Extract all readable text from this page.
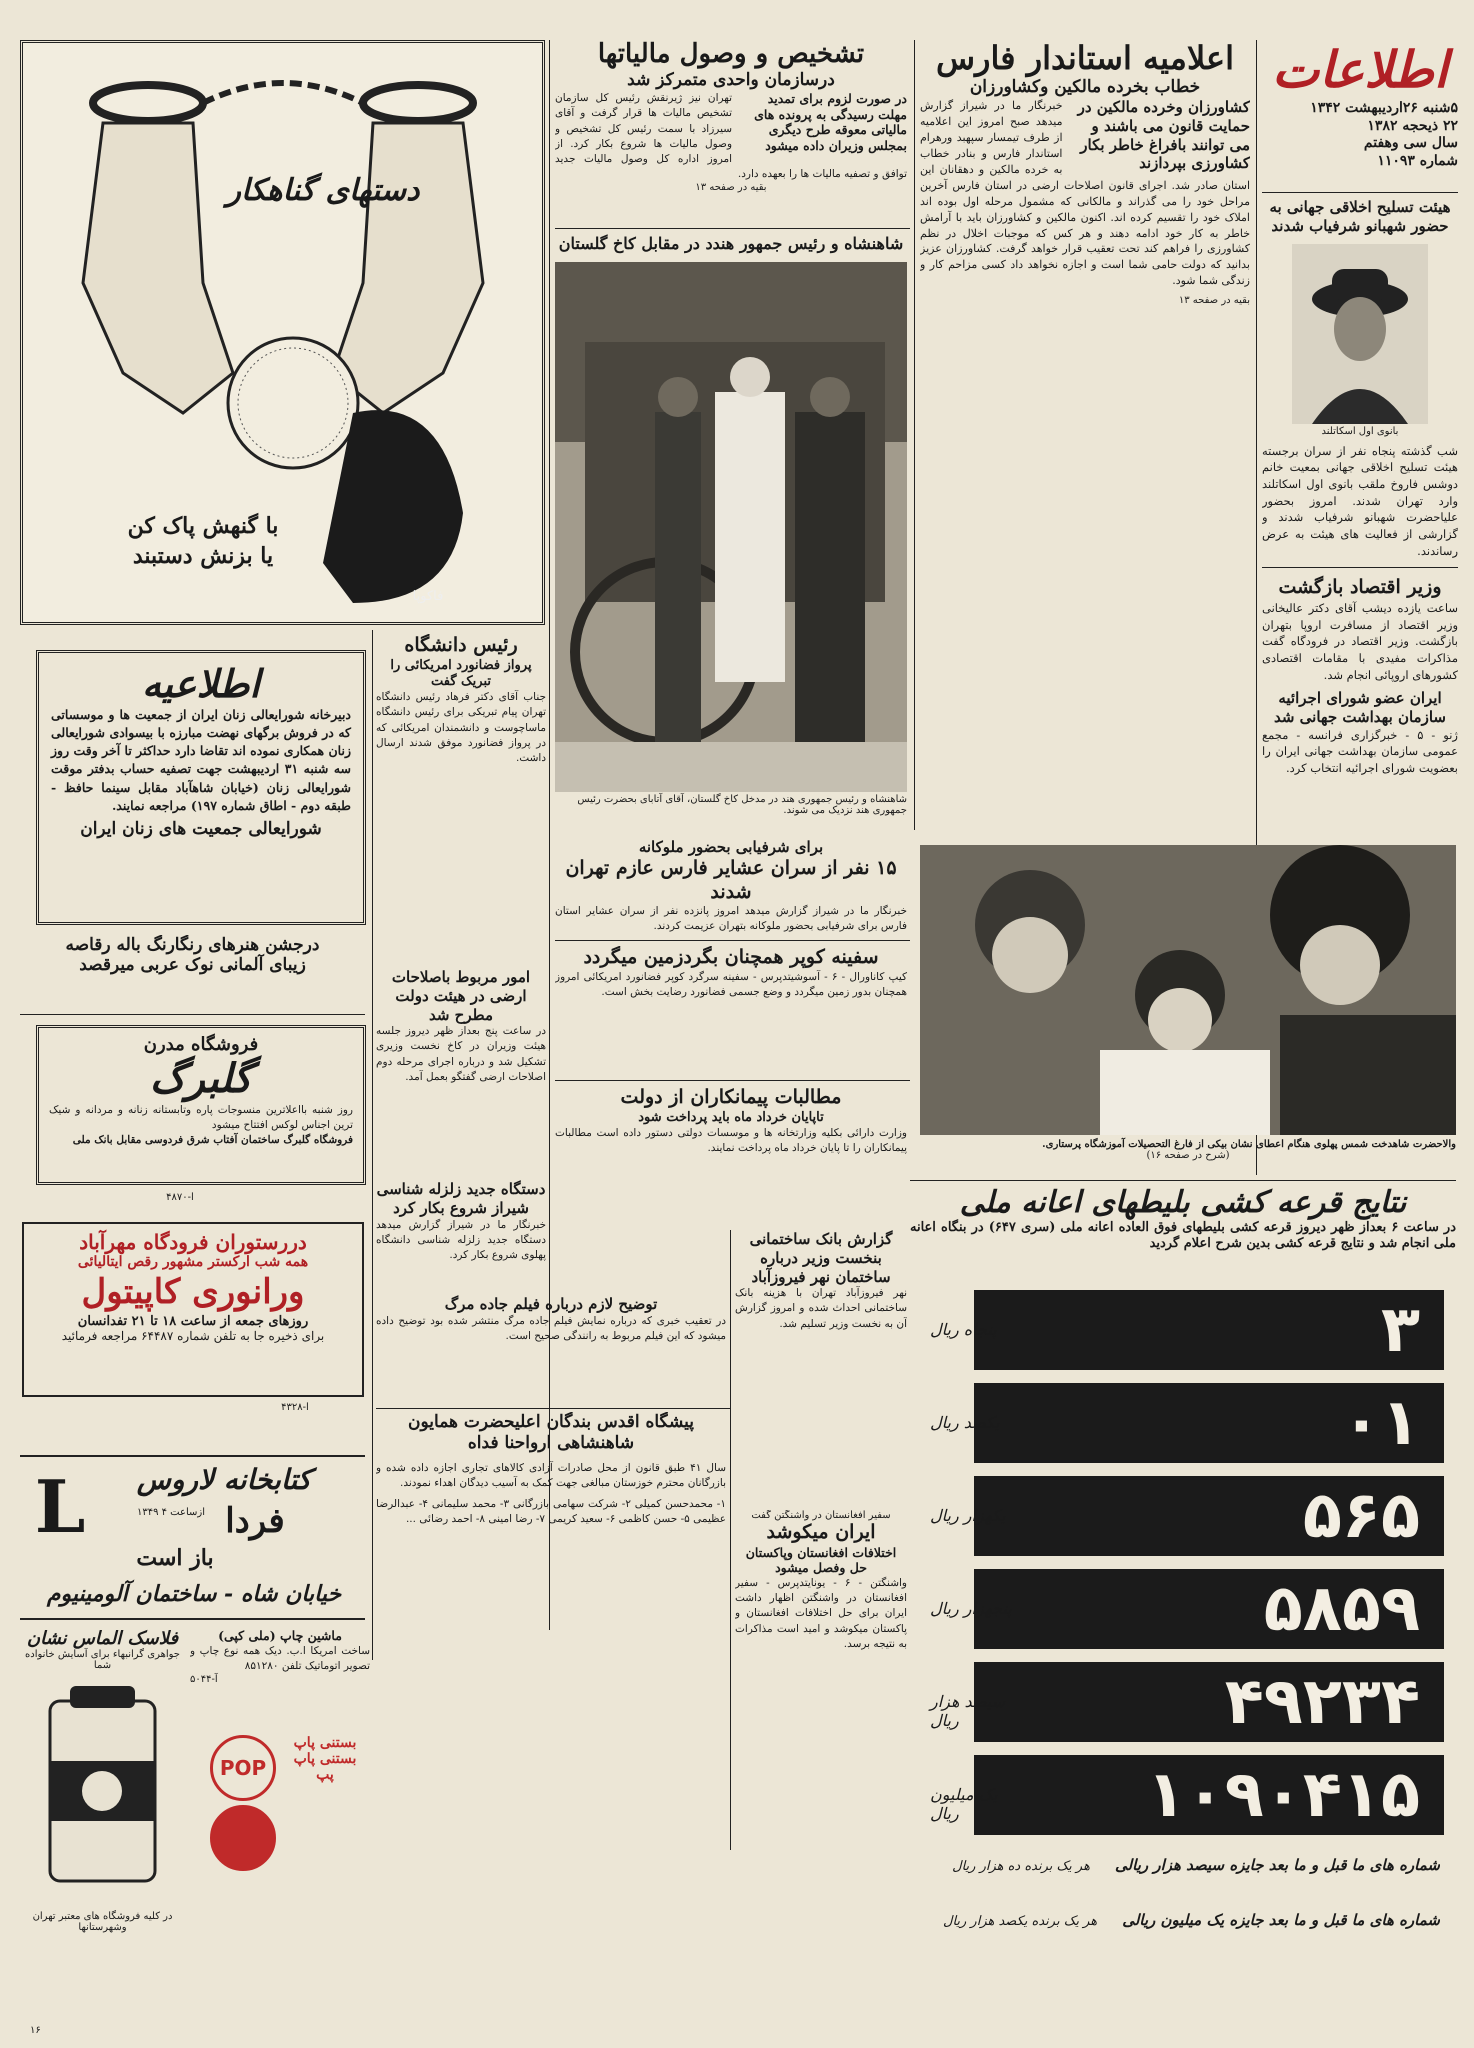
اطلاعات
۵شنبه ۲۶اردیبهشت ۱۳۴۲
۲۲ ذیحجه ۱۳۸۲
سال سی وهفتم
شماره ۱۱۰۹۳
هیئت تسلیح اخلاقی جهانی به حضور شهبانو شرفیاب شدند
بانوی اول اسکاتلند
شب گذشته پنجاه نفر از سران برجسته هیئت تسلیح اخلاقی جهانی بمعیت خانم دوشس فاروخ ملقب بانوی اول اسکاتلند وارد تهران شدند. امروز بحضور علیاحضرت شهبانو شرفیاب شدند و گزارشی از فعالیت های هیئت به عرض رساندند.
وزیر اقتصاد بازگشت
ساعت یازده دیشب آقای دکتر عالیخانی وزیر اقتصاد از مسافرت اروپا بتهران بازگشت. وزیر اقتصاد در فرودگاه گفت مذاکرات مفیدی با مقامات اقتصادی کشورهای اروپائی انجام شد.
ایران عضو شورای اجرائیه سازمان بهداشت جهانی شد
ژنو - ۵ - خبرگزاری فرانسه - مجمع عمومی سازمان بهداشت جهانی ایران را بعضویت شورای اجرائیه انتخاب کرد.
اعلامیه استاندار فارس
خطاب بخرده مالکین وکشاورزان
کشاورزان وخرده مالکین در حمایت قانون می باشند و می توانند بافراغ خاطر بکار کشاورزی بپردازند
خبرنگار ما در شیراز گزارش میدهد صبح امروز این اعلامیه از طرف تیمسار سپهبد ورهرام استاندار فارس و بنادر خطاب به خرده مالکین و دهقانان این استان صادر شد. اجرای قانون اصلاحات ارضی در استان فارس آخرین مراحل خود را می گذراند و مالکانی که مشمول مرحله اول بوده اند املاک خود را تقسیم کرده اند. اکنون مالکین و کشاورزان باید با آرامش خاطر به کار خود ادامه دهند و هر کس که موجبات اخلال در نظم کشاورزی را فراهم کند تحت تعقیب قرار خواهد گرفت. کشاورزان عزیز بدانید که دولت حامی شما است و اجازه نخواهد داد کسی مزاحم کار و زندگی شما شود.
بقیه در صفحه ۱۳
تشخیص و وصول مالیاتها
درسازمان واحدی متمرکز شد
در صورت لزوم برای تمدید مهلت رسیدگی به پرونده های مالیاتی معوقه طرح دیگری بمجلس وزیران داده میشود
تهران نیز ژیرنقش رئیس کل سازمان تشخیص مالیات ها قرار گرفت و آقای سیرزاد با سمت رئیس کل تشخیص و وصول مالیات ها شروع بکار کرد. از امروز اداره کل وصول مالیات جدید توافق و تصفیه مالیات ها را بعهده دارد.
بقیه در صفحه ۱۳
شاهنشاه و رئیس جمهور هندد در مقابل کاخ گلستان
شاهنشاه و رئیس جمهوری هند در مدخل کاخ گلستان، آقای آتابای بحضرت رئیس جمهوری هند نزدیک می شوند.
دستهای گناهکار
با گنهش پاک کن
یا بزنش دستبند
فاکوپا
اطلاعیه
دبیرخانه شورایعالی زنان ایران از جمعیت ها و موسساتی که در فروش برگهای نهضت مبارزه با بیسوادی شورایعالی زنان همکاری نموده اند تقاضا دارد حداکثر تا آخر وقت روز سه شنبه ۳۱ اردیبهشت جهت تصفیه حساب بدفتر موقت شورایعالی زنان (خیابان شاهآباد مقابل سینما حافظ - طبقه دوم - اطاق شماره ۱۹۷) مراجعه نمایند.
شورایعالی جمعیت های زنان ایران
رئیس دانشگاه
پرواز فضانورد امریکائی را تبریک گفت
جناب آقای دکتر فرهاد رئیس دانشگاه تهران پیام تبریکی برای رئیس دانشگاه ماساچوست و دانشمندان امریکائی که در پرواز فضانورد موفق شدند ارسال داشت.
برای شرفیابی بحضور ملوکانه
۱۵ نفر از سران عشایر فارس عازم تهران شدند
خبرنگار ما در شیراز گزارش میدهد امروز پانزده نفر از سران عشایر استان فارس برای شرفیابی بحضور ملوکانه بتهران عزیمت کردند.
امور مربوط باصلاحات ارضی در هیئت دولت مطرح شد
در ساعت پنج بعداز ظهر دیروز جلسه هیئت وزیران در کاخ نخست وزیری تشکیل شد و درباره اجرای مرحله دوم اصلاحات ارضی گفتگو بعمل آمد.
سفینه کوپر همچنان بگردزمین میگردد
کیپ کاناورال - ۶ - آسوشیتدپرس - سفینه سرگرد کوپر فضانورد امریکائی امروز همچنان بدور زمین میگردد و وضع جسمی فضانورد رضایت بخش است.
مطالبات پیمانکاران از دولت
تاپایان خرداد ماه باید پرداخت شود
وزارت دارائی بکلیه وزارتخانه ها و موسسات دولتی دستور داده است مطالبات پیمانکاران را تا پایان خرداد ماه پرداخت نمایند.
دستگاه جدید زلزله شناسی شیراز شروع بکار کرد
خبرنگار ما در شیراز گزارش میدهد دستگاه جدید زلزله شناسی دانشگاه پهلوی شروع بکار کرد.
درجشن هنرهای رنگارنگ باله رقاصه
زیبای آلمانی نوک عربی میرقصد
فروشگاه مدرن
گلبرگ
روز شنبه بااعلاترین منسوجات پاره وتابستانه زنانه و مردانه و شیک ترین اجناس لوکس افتتاح میشود
فروشگاه گلبرگ ساختمان آفتاب شرق فردوسی مقابل بانک ملی
آ-۴۸۷۰
دررستوران فرودگاه مهرآباد
همه شب ارکستر مشهور رقص ایتالیائی
ورانوری کاپیتول
روزهای جمعه از ساعت ۱۸ تا ۲۱ تفدانسان
برای ذخیره جا به تلفن شماره ۶۴۴۸۷ مراجعه فرمائید
آ-۴۳۲۸
گزارش بانک ساختمانی بنخست وزیر درباره ساختمان نهر فیروزآباد
نهر فیروزآباد تهران با هزینه بانک ساختمانی احداث شده و امروز گزارش آن به نخست وزیر تسلیم شد.
توضیح لازم درباره فیلم جاده مرگ
در تعقیب خبری که درباره نمایش فیلم جاده مرگ منتشر شده بود توضیح داده میشود که این فیلم مربوط به رانندگی صحیح است.
سفیر افغانستان در واشنگتن گفت
ایران میکوشد
اختلافات افغانستان وپاکستان حل وفصل میشود
واشنگتن - ۶ - یونایتدپرس - سفیر افغانستان در واشنگتن اظهار داشت ایران برای حل اختلافات افغانستان و پاکستان میکوشد و امید است مذاکرات به نتیجه برسد.
پیشگاه اقدس بندگان اعلیحضرت همایون شاهنشاهی ارواحنا فداه
سال ۴۱ طبق قانون از محل صادرات آزادی کالاهای تجاری اجازه داده شده و بازرگانان محترم خوزستان مبالغی جهت کمک به آسیب دیدگان اهداء نمودند.
۱- محمدحسن کمیلی ۲- شرکت سهامی بازرگانی ۳- محمد سلیمانی ۴- عبدالرضا عظیمی ۵- حسن کاظمی ۶- سعید کریمی ۷- رضا امینی ۸- احمد رضائی ...
L	کتابخانه لاروس
ازساعت ۴ ۱۳۴۹ فردا
باز است
خیابان شاه - ساختمان آلومینیوم
ماشین چاپ (ملی کپی)
ساخت امریکا ا.ب. دیک همه نوع چاپ و تصویر اتوماتیک تلفن ۸۵۱۲۸۰
آ-۵۰۴۴
فلاسک الماس نشان
جواهری گرانبهاء برای آسایش خانواده شما
در کلیه فروشگاه های معتبر تهران وشهرستانها
POP
بستنی پاپ بستنی پاپ پپ
والاحضرت شاهدخت شمس پهلوی هنگام اعطای نشان بیکی از فارغ التحصیلات آموزشگاه پرستاری.
(شرح در صفحه ۱۶)
نتایج قرعه کشی بلیطهای اعانه ملی
در ساعت ۶ بعداز ظهر دیروز قرعه کشی بلیطهای فوق العاده اعانه ملی (سری ۶۴۷) در بنگاه اعانه ملی انجام شد و نتایج قرعه کشی بدین شرح اعلام گردید
۳
۰۱
۵۶۵
۵۸۵۹
۴۹۲۳۴
۱۰۹۰۴۱۵
پنجاه ریال
یکصد ریال
یکهزار ریال
پنجهزار ریال
سیصد هزار ریال
یک میلیون ریال
شماره های ما قبل و ما بعد جایزه سیصد هزار ریالی هر یک برنده ده هزار ریال
شماره های ما قبل و ما بعد جایزه یک میلیون ریالی هر یک برنده یکصد هزار ریال
۱۶
